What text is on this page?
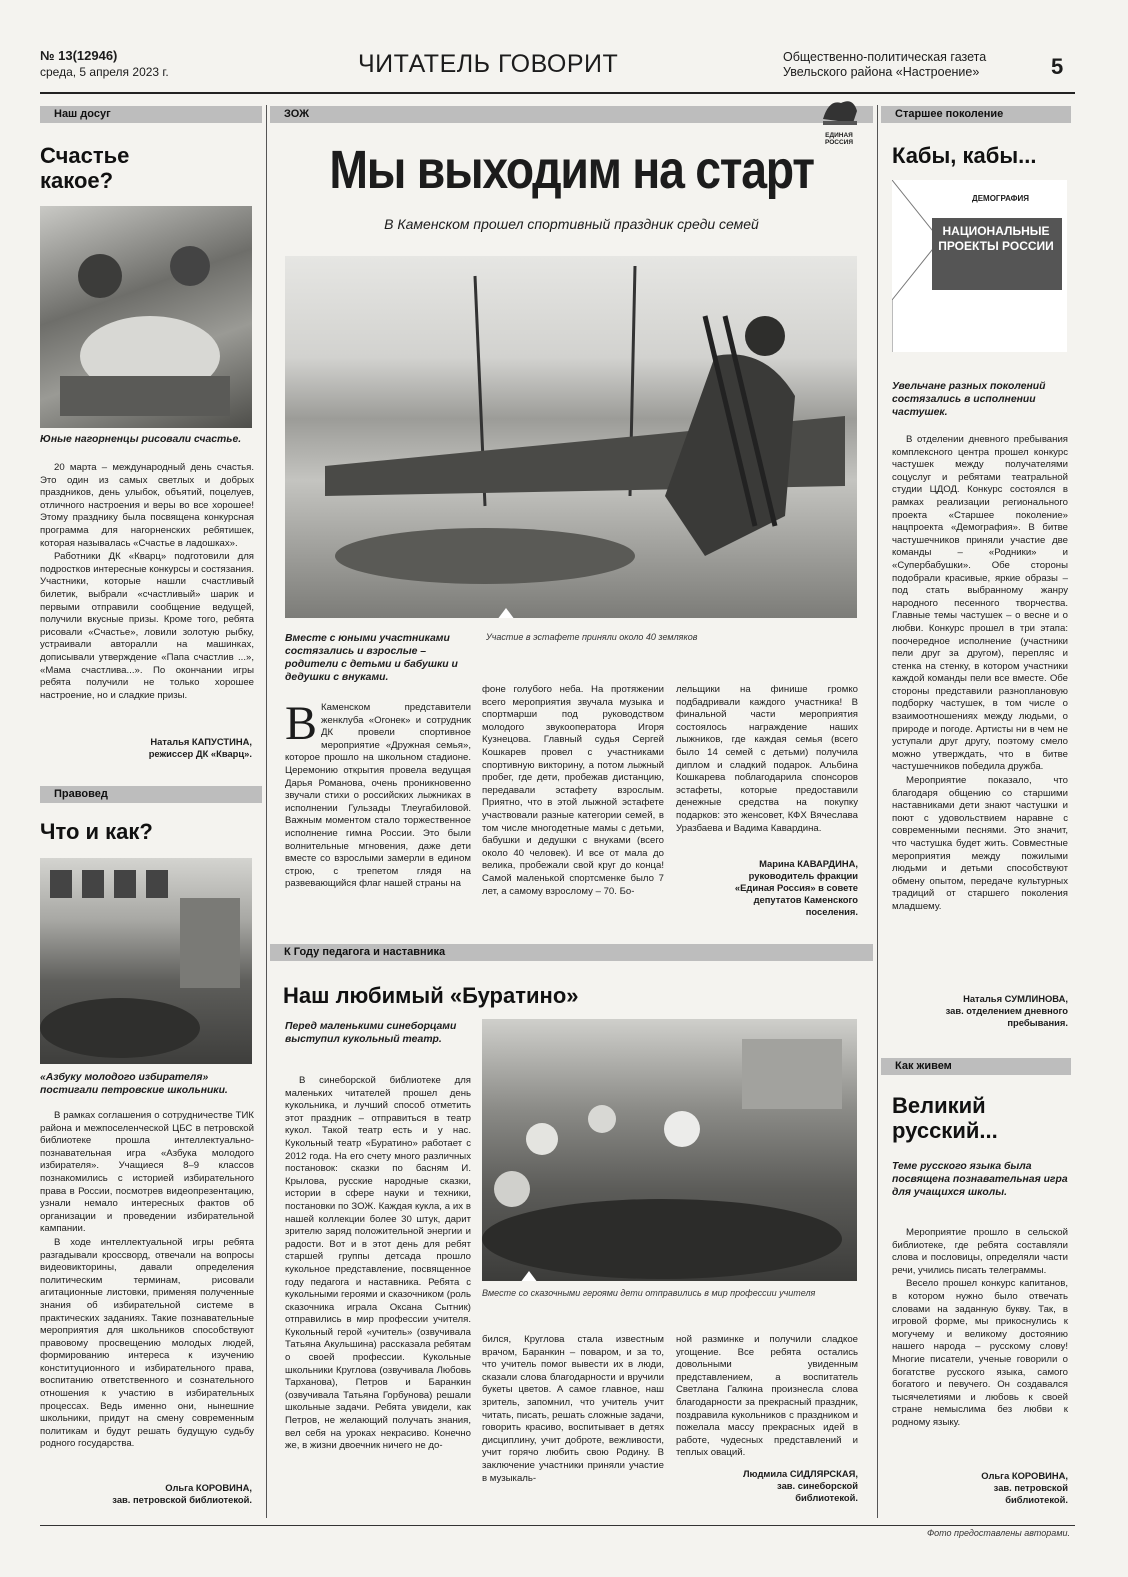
№ 13(12946)
среда, 5 апреля 2023 г.	ЧИТАТЕЛЬ ГОВОРИТ	Общественно-политическая газета
Увельского района «Настроение»	5
Наш досуг
Счастье какое?
Юные нагорненцы рисовали счастье.

20 марта – международный день счастья. Это один из самых светлых и добрых праздников, день улыбок, объятий, поцелуев, отличного настроения и веры во все хорошее! Этому празднику была посвящена конкурсная программа для нагорненских ребятишек, которая называлась «Счастье в ладошках».

Работники ДК «Кварц» подготовили для подростков интересные конкурсы и состязания. Участники, которые нашли счастливый билетик, выбрали «счастливый» шарик и первыми отправили сообщение ведущей, получили вкусные призы. Кроме того, ребята рисовали «Счастье», ловили золотую рыбку, устраивали авторалли на машинках, дописывали утверждение «Папа счастлив ...», «Мама счастлива...». По окончании игры ребята получили не только хорошее настроение, но и сладкие призы.

Наталья КАПУСТИНА,
режиссер ДК «Кварц».
Правовед
Что и как?
«Азбуку молодого избирателя» постигали петровские школьники.

В рамках соглашения о сотрудничестве ТИК района и межпоселенческой ЦБС в петровской библиотеке прошла интеллектуально-познавательная игра «Азбука молодого избирателя». Учащиеся 8–9 классов познакомились с историей избирательного права в России, посмотрев видеопрезентацию, узнали немало интересных фактов об организации и проведении избирательной кампании.

В ходе интеллектуальной игры ребята разгадывали кроссворд, отвечали на вопросы видеовикторины, давали определения политическим терминам, рисовали агитационные листовки, применяя полученные знания об избирательной системе в практических заданиях. Такие познавательные мероприятия для школьников способствуют правовому просвещению молодых людей, формированию интереса к изучению конституционного и избирательного права, воспитанию ответственного и сознательного отношения к участию в избирательных процессах. Ведь именно они, нынешние школьники, придут на смену современным политикам и будут решать будущую судьбу родного государства.

Ольга КОРОВИНА,
зав. петровской библиотекой.
ЗОЖ
ЕДИНАЯ РОССИЯ
Мы выходим на старт
В Каменском прошел спортивный праздник среди семей
Вместе с юными участниками состязались и взрослые – родители с детьми и бабушки и дедушки с внуками.
Участие в эстафете приняли около 40 земляков
В Каменском представители женклуба «Огонек» и сотрудник ДК провели спортивное мероприятие «Дружная семья», которое прошло на школьном стадионе. Церемонию открытия провела ведущая Дарья Романова, очень проникновенно звучали стихи о российских лыжниках в исполнении Гульзады Тлеугабиловой. Важным моментом стало торжественное исполнение гимна России. Это были волнительные мгновения, даже дети вместе со взрослыми замерли в едином строю, с трепетом глядя на развевающийся флаг нашей страны на
фоне голубого неба. На протяжении всего мероприятия звучала музыка и спортмарши под руководством молодого звукооператора Игоря Кузнецова. Главный судья Сергей Кошкарев провел с участниками спортивную викторину, а потом лыжный пробег, где дети, пробежав дистанцию, передавали эстафету взрослым. Приятно, что в этой лыжной эстафете участвовали разные категории семей, в том числе многодетные мамы с детьми, бабушки и дедушки с внуками (всего около 40 человек). И все от мала до велика, пробежали свой круг до конца! Самой маленькой спортсменке было 7 лет, а самому взрослому – 70. Бо-
лельщики на финише громко подбадривали каждого участника! В финальной части мероприятия состоялось награждение наших лыжников, где каждая семья (всего было 14 семей с детьми) получила диплом и сладкий подарок. Альбина Кошкарева поблагодарила спонсоров эстафеты, которые предоставили денежные средства на покупку подарков: это женсовет, КФХ Вячеслава Уразбаева и Вадима Кавардина.
Марина КАВАРДИНА,
руководитель фракции
«Единая Россия» в совете
депутатов Каменского
поселения.
К Году педагога и наставника
Наш любимый «Буратино»
Перед маленькими синеборцами выступил кукольный театр.

В синеборской библиотеке для маленьких читателей прошел день кукольника, и лучший способ отметить этот праздник – отправиться в театр кукол. Такой театр есть и у нас. Кукольный театр «Буратино» работает с 2012 года. На его счету много различных постановок: сказки по басням И. Крылова, русские народные сказки, истории в сфере науки и техники, постановки по ЗОЖ. Каждая кукла, а их в нашей коллекции более 30 штук, дарит зрителю заряд положительной энергии и радости. Вот и в этот день для ребят старшей группы детсада прошло кукольное представление, посвященное году педагога и наставника. Ребята с кукольными героями и сказочником (роль сказочника играла Оксана Сытник) отправились в мир профессии учителя. Кукольный герой «учитель» (озвучивала Татьяна Акульшина) рассказала ребятам о своей профессии. Кукольные школьники Круглова (озвучивала Любовь Тарханова), Петров и Баранкин (озвучивала Татьяна Горбунова) решали школьные задачи. Ребята увидели, как Петров, не желающий получать знания, вел себя на уроках некрасиво. Конечно же, в жизни двоечник ничего не до-

Вместе со сказочными героями дети отправились в мир профессии учителя
бился, Круглова стала известным врачом, Баранкин – поваром, и за то, что учитель помог вывести их в люди, сказали слова благодарности и вручили букеты цветов. А самое главное, наш зритель, запомнил, что учитель учит читать, писать, решать сложные задачи, говорить красиво, воспитывает в детях дисциплину, учит доброте, вежливости, учит горячо любить свою Родину. В заключение участники приняли участие в музыкаль-
ной разминке и получили сладкое угощение. Все ребята остались довольными увиденным представлением, а воспитатель Светлана Галкина произнесла слова благодарности за прекрасный праздник, поздравила кукольников с праздником и пожелала массу прекрасных идей в работе, чудесных представлений и теплых оваций.
Людмила СИДЛЯРСКАЯ,
зав. синеборской
библиотекой.
Старшее поколение
Кабы, кабы...
ДЕМОГРАФИЯ
НАЦИОНАЛЬНЫЕ ПРОЕКТЫ РОССИИ
Увельчане разных поколений состязались в исполнении частушек.

В отделении дневного пребывания комплексного центра прошел конкурс частушек между получателями соцуслуг и ребятами театральной студии ЦДОД. Конкурс состоялся в рамках реализации регионального проекта «Старшее поколение» нацпроекта «Демография». В битве частушечников приняли участие две команды – «Родники» и «Супербабушки». Обе стороны подобрали красивые, яркие образы – под стать выбранному жанру народного песенного творчества. Главные темы частушек – о весне и о любви. Конкурс прошел в три этапа: поочередное исполнение (участники пели друг за другом), перепляс и стенка на стенку, в котором участники каждой команды пели все вместе. Обе стороны представили разноплановую подборку частушек, в том числе о взаимоотношениях между людьми, о природе и погоде. Артисты ни в чем не уступали друг другу, поэтому смело можно утверждать, что в битве частушечников победила дружба.

Мероприятие показало, что благодаря общению со старшими наставниками дети знают частушки и поют с удовольствием наравне с современными песнями. Это значит, что частушка будет жить. Совместные мероприятия между пожилыми людьми и детьми способствуют обмену опытом, передаче культурных традиций от старшего поколения младшему.

Наталья СУМЛИНОВА,
зав. отделением дневного
пребывания.
Как живем
Великий русский...
Теме русского языка была посвящена познавательная игра для учащихся школы.

Мероприятие прошло в сельской библиотеке, где ребята составляли слова и пословицы, определяли части речи, учились писать телеграммы.

Весело прошел конкурс капитанов, в котором нужно было отвечать словами на заданную букву. Так, в игровой форме, мы прикоснулись к могучему и великому достоянию нашего народа – русскому слову! Многие писатели, ученые говорили о богатстве русского языка, самого богатого и певучего. Он создавался тысячелетиями и любовь к своей стране немыслима без любви к родному языку.

Ольга КОРОВИНА,
зав. петровской
библиотекой.
Фото предоставлены авторами.
